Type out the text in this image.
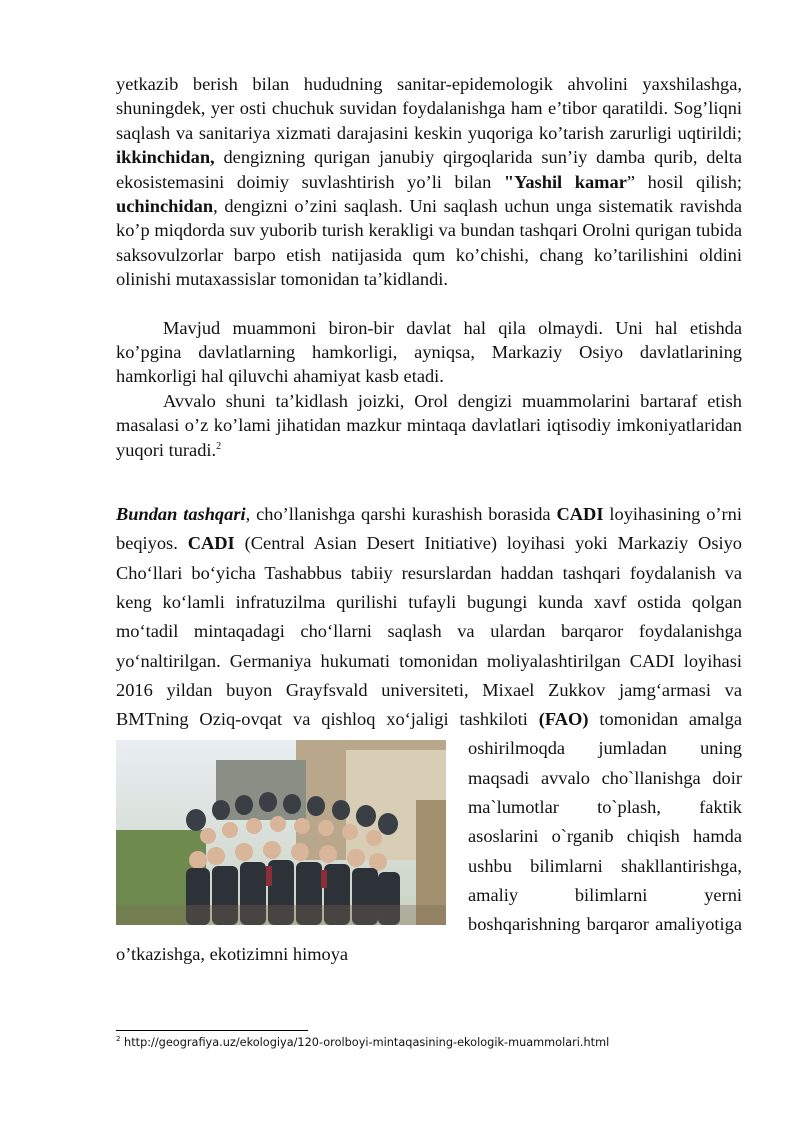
yetkazib berish bilan hududning sanitar-epidemologik ahvolini yaxshilashga, shuningdek, yer osti chuchuk suvidan foydalanishga ham e’tibor qaratildi. Sog’liqni saqlash va sanitariya xizmati darajasini keskin yuqoriga ko’tarish zarurligi uqtirildi; ikkinchidan, dengizning qurigan janubiy qirgoqlarida sun’iy damba qurib, delta ekosistemasini doimiy suvlashtirish yo’li bilan "Yashil kamar” hosil qilish; uchinchidan, dengizni o’zini saqlash. Uni saqlash uchun unga sistematik ravishda ko’p miqdorda suv yuborib turish kerakligi va bundan tashqari Orolni qurigan tubida saksovulzorlar barpo etish natijasida qum ko’chishi, chang ko’tarilishini oldini olinishi mutaxassislar tomonidan ta’kidlandi.

Mavjud muammoni biron-bir davlat hal qila olmaydi. Uni hal etishda ko’pgina davlatlarning hamkorligi, ayniqsa, Markaziy Osiyo davlatlarining hamkorligi hal qiluvchi ahamiyat kasb etadi.

Avvalo shuni ta’kidlash joizki, Orol dengizi muammolarini bartaraf etish masalasi o’z ko’lami jihatidan mazkur mintaqa davlatlari iqtisodiy imkoniyatlaridan yuqori turadi.$^2$

Bundan tashqari, cho’llanishga qarshi kurashish borasida CADI loyihasining o’rni beqiyos. CADI (Central Asian Desert Initiative) loyihasi yoki Markaziy Osiyo Cho‘llari bo‘yicha Tashabbus tabiiy resurslardan haddan tashqari foydalanish va keng ko‘lamli infratuzilma qurilishi tufayli bugungi kunda xavf ostida qolgan mo‘tadil mintaqadagi cho‘llarni saqlash va ulardan barqaror foydalanishga yo‘naltirilgan. Germaniya hukumati tomonidan moliyalashtirilgan CADI loyihasi 2016 yildan buyon Grayfsvald universiteti, Mixael Zukkov jamg‘armasi va BMTning Oziq-ovqat va qishloq xo‘jaligi tashkiloti (FAO)
tomonidan amalga oshirilmoqda jumladan uning maqsadi avvalo cho`llanishga doir ma`lumotlar to`plash, faktik asoslarini o`rganib chiqish hamda ushbu bilimlarni shakllantirishga, amaliy bilimlarni yerni boshqarishning barqaror amaliyotiga o’tkazishga, ekotizimni himoya

$^2$ http://geografiya.uz/ekologiya/120-orolboyi-mintaqasining-ekologik-muammolari.html
